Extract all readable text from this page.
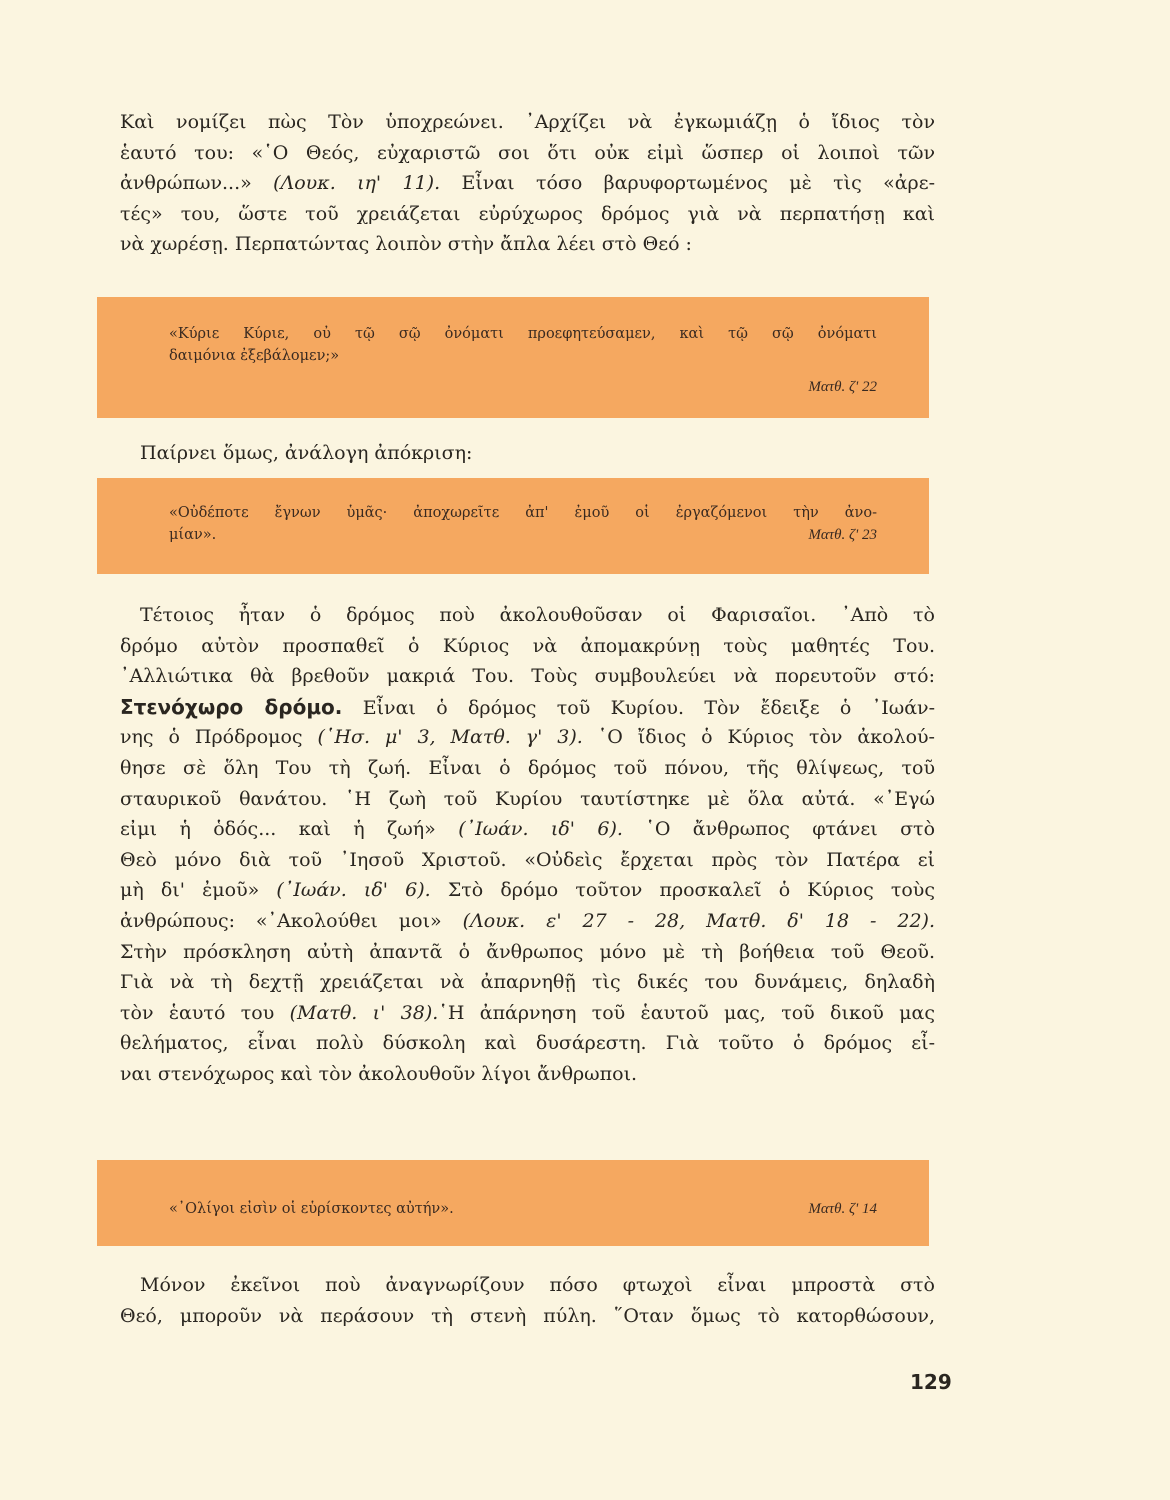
Καὶ νομίζει πὼς Τὸν ὑποχρεώνει. ᾿Αρχίζει νὰ ἐγκωμιάζῃ ὁ ἴδιος τὸν
ἑαυτό του: «῾Ο Θεός, εὐχαριστῶ σοι ὅτι οὐκ εἰμὶ ὥσπερ οἱ λοιποὶ τῶν
ἀνθρώπων...» (Λουκ. ιη' 11). Εἶναι τόσο βαρυφορτωμένος μὲ τὶς «ἀρε-
τές» του, ὥστε τοῦ χρειάζεται εὐρύχωρος δρόμος γιὰ νὰ περπατήσῃ καὶ
νὰ χωρέσῃ. Περπατώντας λοιπὸν στὴν ἄπλα λέει στὸ Θεό :
«Κύριε Κύριε, οὐ τῷ σῷ ὀνόματι προεφητεύσαμεν, καὶ τῷ σῷ ὀνόματι
δαιμόνια ἐξεβάλομεν;»
Ματθ. ζ' 22
Παίρνει ὅμως, ἀνάλογη ἀπόκριση:
«Οὐδέποτε ἔγνων ὑμᾶς· ἀποχωρεῖτε ἀπ' ἐμοῦ οἱ ἐργαζόμενοι τὴν ἀνο-
μίαν».	Ματθ. ζ' 23
Τέτοιος ἦταν ὁ δρόμος ποὺ ἀκολουθοῦσαν οἱ Φαρισαῖοι. ᾿Απὸ τὸ
δρόμο αὐτὸν προσπαθεῖ ὁ Κύριος νὰ ἀπομακρύνῃ τοὺς μαθητές Του.
᾿Αλλιώτικα θὰ βρεθοῦν μακριά Του. Τοὺς συμβουλεύει νὰ πορευτοῦν στό:
Στενόχωρο δρόμο. Εἶναι ὁ δρόμος τοῦ Κυρίου. Τὸν ἔδειξε ὁ ᾿Ιωάν-
νης ὁ Πρόδρομος (῾Ησ. μ' 3, Ματθ. γ' 3). ῾Ο ἴδιος ὁ Κύριος τὸν ἀκολού-
θησε σὲ ὅλη Του τὴ ζωή. Εἶναι ὁ δρόμος τοῦ πόνου, τῆς θλίψεως, τοῦ
σταυρικοῦ θανάτου. ῾Η ζωὴ τοῦ Κυρίου ταυτίστηκε μὲ ὅλα αὐτά. «᾿Εγώ
εἰμι ἡ ὁδός... καὶ ἡ ζωή» (᾿Ιωάν. ιδ' 6). ῾Ο ἄνθρωπος φτάνει στὸ
Θεὸ μόνο διὰ τοῦ ᾿Ιησοῦ Χριστοῦ. «Οὐδεὶς ἔρχεται πρὸς τὸν Πατέρα εἰ
μὴ δι' ἐμοῦ» (᾿Ιωάν. ιδ' 6). Στὸ δρόμο τοῦτον προσκαλεῖ ὁ Κύριος τοὺς
ἀνθρώπους: «᾿Ακολούθει μοι» (Λουκ. ε' 27 - 28, Ματθ. δ' 18 - 22).
Στὴν πρόσκληση αὐτὴ ἀπαντᾶ ὁ ἄνθρωπος μόνο μὲ τὴ βοήθεια τοῦ Θεοῦ.
Γιὰ νὰ τὴ δεχτῇ χρειάζεται νὰ ἀπαρνηθῇ τὶς δικές του δυνάμεις, δηλαδὴ
τὸν ἑαυτό του (Ματθ. ι' 38).῾Η ἀπάρνηση τοῦ ἑαυτοῦ μας, τοῦ δικοῦ μας
θελήματος, εἶναι πολὺ δύσκολη καὶ δυσάρεστη. Γιὰ τοῦτο ὁ δρόμος εἶ-
ναι στενόχωρος καὶ τὸν ἀκολουθοῦν λίγοι ἄνθρωποι.
«᾿Ολίγοι εἰσὶν οἱ εὑρίσκοντες αὐτήν».	Ματθ. ζ' 14
Μόνον ἐκεῖνοι ποὺ ἀναγνωρίζουν πόσο φτωχοὶ εἶναι μπροστὰ στὸ
Θεό, μποροῦν νὰ περάσουν τὴ στενὴ πύλη. ῞Οταν ὅμως τὸ κατορθώσουν,
129
